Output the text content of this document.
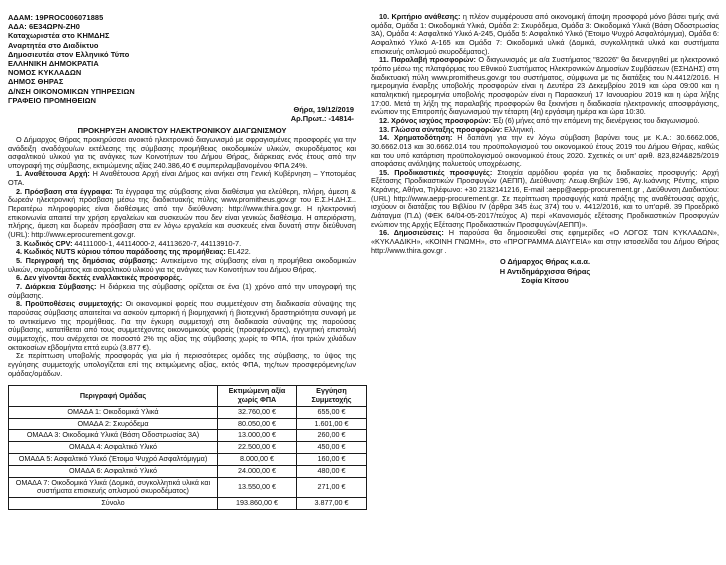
ΑΔΑΜ: 19PROC006071885
ΑΔΑ: 6Ε34ΩΡΝ-ΖΗ0
Καταχωριστέα στο ΚΗΜΔΗΣ
Αναρτητέα στο Διαδίκτυο
Δημοσιευτέα στον Ελληνικό Τύπο
ΕΛΛΗΝΙΚΗ ΔΗΜΟΚΡΑΤΙΑ
ΝΟΜΟΣ ΚΥΚΛΑΔΩΝ
ΔΗΜΟΣ ΘΗΡΑΣ
Δ/ΝΣΗ ΟΙΚΟΝΟΜΙΚΩΝ ΥΠΗΡΕΣΙΩΝ
ΓΡΑΦΕΙΟ ΠΡΟΜΗΘΕΙΩΝ
Θήρα, 19/12/2019
Αρ.Πρωτ.: -14814-
ΠΡΟΚΗΡΥΞΗ ΑΝΟΙΚΤΟΥ ΗΛΕΚΤΡΟΝΙΚΟΥ ΔΙΑΓΩΝΙΣΜΟΥ

Ο Δήμαρχος Θήρας προκηρύσσει ανοικτό ηλεκτρονικό διαγωνισμό με σφραγισμένες προσφορές για την ανάδειξη αναδόχου/ων εκτέλεσης της σύμβασης προμήθειας οικοδομικών υλικών, σκυροδέματος και ασφαλτικού υλικού για τις ανάγκες των Κοινοτήτων του Δήμου Θήρας, διάρκειας ενός έτους από την υπογραφή της σύμβασης, εκτιμώμενης αξίας 240.386,40 € συμπεριλαμβανομένου ΦΠΑ 24%.

1. Αναθέτουσα Αρχή: Η Αναθέτουσα Αρχή είναι Δήμος και ανήκει στη Γενική Κυβέρνηση – Υποτομέας ΟΤΑ.

2. Πρόσβαση στα έγγραφα: Τα έγγραφα της σύμβασης είναι διαθέσιμα για ελεύθερη, πλήρη, άμεση & δωρεάν ηλεκτρονική πρόσβαση μέσω της διαδικτυακής πύλης www.promitheus.gov.gr του Ε.Σ.Η.ΔΗ.Σ.. Περαιτέρω πληροφορίες είναι διαθέσιμες από την διεύθυνση: http://www.thira.gov.gr. Η ηλεκτρονική επικοινωνία απαιτεί την χρήση εργαλείων και συσκευών που δεν είναι γενικώς διαθέσιμα. Η απεριόριστη, πλήρης, άμεση και δωρεάν πρόσβαση στα εν λόγω εργαλεία και συσκευές είναι δυνατή στην διεύθυνση (URL): http://www.eprocurement.gov.gr.

3. Κωδικός CPV: 44111000-1, 44114000-2, 44113620-7, 44113910-7.

4. Κωδικός NUTS κύριου τόπου παράδοσης της προμήθειας: EL422.

5. Περιγραφή της δημόσιας σύμβασης: Αντικείμενο της σύμβασης είναι η προμήθεια οικοδομικών υλικών, σκυροδέματος και ασφαλτικού υλικού για τις ανάγκες των Κοινοτήτων του Δήμου Θήρας.

6. Δεν γίνονται δεκτές εναλλακτικές προσφορές.

7. Διάρκεια Σύμβασης: Η διάρκεια της σύμβασης ορίζεται σε ένα (1) χρόνο από την υπογραφή της σύμβασης.

8. Προϋποθέσεις συμμετοχής: Οι οικονομικοί φορείς που συμμετέχουν στη διαδικασία σύναψης της παρούσας σύμβασης απαιτείται να ασκούν εμπορική ή βιομηχανική ή βιοτεχνική δραστηριότητα συναφή με το αντικείμενο της προμήθειας. Για την έγκυρη συμμετοχή στη διαδικασία σύναψης της παρούσας σύμβασης, κατατίθεται από τους συμμετέχοντες οικονομικούς φορείς (προσφέροντες), εγγυητική επιστολή συμμετοχής, που ανέρχεται σε ποσοστό 2% της αξίας της σύμβασης χωρίς το ΦΠΑ, ήτοι τριών χιλιάδων οκτακοσίων εβδομήντα επτά ευρώ (3.877 €).

Σε περίπτωση υποβολής προσφοράς για μία ή περισσότερες ομάδες της σύμβασης, το ύψος της εγγύησης συμμετοχής υπολογίζεται επί της εκτιμώμενης αξίας, εκτός ΦΠΑ, της/των προσφερόμενης/ων ομάδας/ομάδων.

Περιγραφή Ομάδας	Εκτιμώμενη αξία χωρίς ΦΠΑ	Εγγύηση Συμμετοχής
ΟΜΑΔΑ 1: Οικοδομικά Υλικά	32.760,00 €	655,00 €
ΟΜΑΔΑ 2: Σκυρόδεμα	80.050,00 €	1.601,00 €
ΟΜΑΔΑ 3: Οικοδομικά Υλικά (Βάση Οδοστρωσίας 3Α)	13.000,00 €	260,00 €
ΟΜΑΔΑ 4: Ασφαλτικό Υλικό	22.500,00 €	450,00 €
ΟΜΑΔΑ 5: Ασφαλτικό Υλικό (Έτοιμο Ψυχρό Ασφαλτόμιγμα)	8.000,00 €	160,00 €
ΟΜΑΔΑ 6: Ασφαλτικό Υλικό	24.000,00 €	480,00 €
ΟΜΑΔΑ 7: Οικοδομικά Υλικά (Δομικά, συγκολλητικά υλικά και συστήματα επισκευής οπλισμού σκυροδέματος)	13.550,00 €	271,00 €
Σύνολο	193.860,00 €	3.877,00 €

10. Κριτήριο ανάθεσης: η πλέον συμφέρουσα από οικονομική άποψη προσφορά μόνο βάσει τιμής ανά ομάδα, Ομάδα 1: Οικοδομικά Υλικά, Ομάδα 2: Σκυρόδεμα, Ομάδα 3: Οικοδομικά Υλικά (Βάση Οδοστρωσίας 3Α), Ομάδα 4: Ασφαλτικό Υλικό Α-245, Ομάδα 5: Ασφαλτικό Υλικό (Έτοιμο Ψυχρό Ασφαλτόμιγμα), Ομάδα 6: Ασφαλτικό Υλικό Α-165 και Ομάδα 7: Οικοδομικά υλικά (Δομικά, συγκολλητικά υλικά και συστήματα επισκευής οπλισμού σκυροδέματος).

11. Παραλαβή προσφορών: Ο διαγωνισμός με α/α Συστήματος "82026" θα διενεργηθεί με ηλεκτρονικό τρόπο μέσω της πλατφόρμας του Εθνικού Συστήματος Ηλεκτρονικών Δημοσίων Συμβάσεων (ΕΣΗΔΗΣ) στη διαδικτυακή πύλη www.promitheus.gov.gr του συστήματος, σύμφωνα με τις διατάξεις του Ν.4412/2016. Η ημερομηνία έναρξης υποβολής προσφορών είναι η Δευτέρα 23 Δεκεμβρίου 2019 και ώρα 09:00 και η καταληκτική ημερομηνία υποβολής προσφορών είναι η Παρασκευή 17 Ιανουαρίου 2019 και η ώρα λήξης 17:00. Μετά τη λήξη της παραλαβής προσφορών θα ξεκινήσει η διαδικασία ηλεκτρονικής αποσφράγισης, ενώπιον της Επιτροπής διαγωνισμού την τέταρτη (4η) εργάσιμη ημέρα και ώρα 10:30.

12. Χρόνος ισχύος προσφορών: Έξι (6) μήνες από την επόμενη της διενέργειας του διαγωνισμού.

13. Γλώσσα σύνταξης προσφορών: Ελληνική.

14. Χρηματοδότηση: Η δαπάνη για την εν λόγω σύμβαση βαρύνει τους με Κ.Α.: 30.6662.006, 30.6662.013 και 30.6662.014 του προϋπολογισμού του οικονομικού έτους 2019 του Δήμου Θήρας, καθώς και του υπό κατάρτιση προϋπολογισμού οικονομικού έτους 2020. Σχετικές οι υπ' αριθ. 823,824&825/2019 αποφάσεις ανάληψης πολυετούς υποχρέωσης.

15. Προδικαστικές προσφυγές: Στοιχεία αρμόδιου φορέα για τις διαδικασίες προσφυγής: Αρχή Εξέτασης Προδικαστικών Προσφυγών (ΑΕΠΠ), Διεύθυνση: Λεωφ.Θηβών 196, Αγ.Ιωάννης Ρέντης, κτίριο Κεράνης, Αθήνα, Τηλέφωνο: +30 2132141216, E-mail :aepp@aepp-procurement.gr , Διεύθυνση Διαδικτύου: (URL) http://www.aepp-procurement.gr. Σε περίπτωση προσφυγής κατά πράξης της αναθέτουσας αρχής, ισχύουν οι διατάξεις του Βιβλίου IV (άρθρα 345 έως 374) του ν. 4412/2016, και το υπ'αριθ. 39 Προεδρικό Διάταγμα (Π.Δ) (ΦΕΚ 64/04-05-2017/τεύχος Α) περί «Κανονισμός εξέτασης Προδικαστικών Προσφυγών ενώπιον της Αρχής Εξέτασης Προδικαστικών Προσφυγών(ΑΕΠΠ)».

16. Δημοσιεύσεις: Η παρούσα θα δημοσιευθεί στις εφημερίδες «Ο ΛΟΓΟΣ ΤΩΝ ΚΥΚΛΑΔΩΝ», «ΚΥΚΛΑΔΙΚΗ», «ΚΟΙΝΗ ΓΝΩΜΗ», στο «ΠΡΟΓΡΑΜΜΑ ΔΙΑΥΓΕΙΑ» και στην ιστοσελίδα του Δήμου Θήρας http://www.thira.gov.gr .

Ο Δήμαρχος Θήρας κ.α.α.
Η Αντιδημάρχισσα Θήρας
Σοφία Κίτσου
